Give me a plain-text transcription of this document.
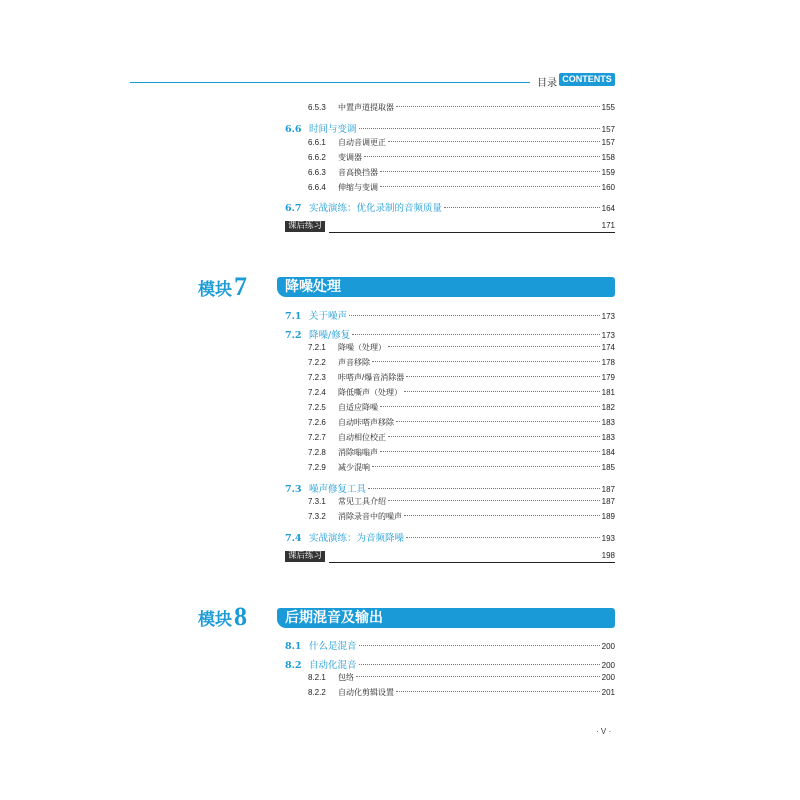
目录 CONTENTS
6.5.3	中置声道提取器	155
6.6 时间与变调	157
6.6.1	自动音调更正	157
6.6.2	变调器	158
6.6.3	音高换挡器	159
6.6.4	伸缩与变调	160
6.7 实战演练：优化录制的音频质量	164
课后练习	171
模块7	降噪处理
7.1 关于噪声	173
7.2 降噪/修复	173
7.2.1	降噪（处理）	174
7.2.2	声音移除	178
7.2.3	咔嗒声/爆音消除器	179
7.2.4	降低嘶声（处理）	181
7.2.5	自适应降噪	182
7.2.6	自动咔嗒声移除	183
7.2.7	自动相位校正	183
7.2.8	消除嗡嗡声	184
7.2.9	减少混响	185
7.3 噪声修复工具	187
7.3.1	常见工具介绍	187
7.3.2	消除录音中的噪声	189
7.4 实战演练：为音频降噪	193
课后练习	198
模块8	后期混音及输出
8.1 什么是混音	200
8.2 自动化混音	200
8.2.1	包络	200
8.2.2	自动化剪辑设置	201
· V ·
